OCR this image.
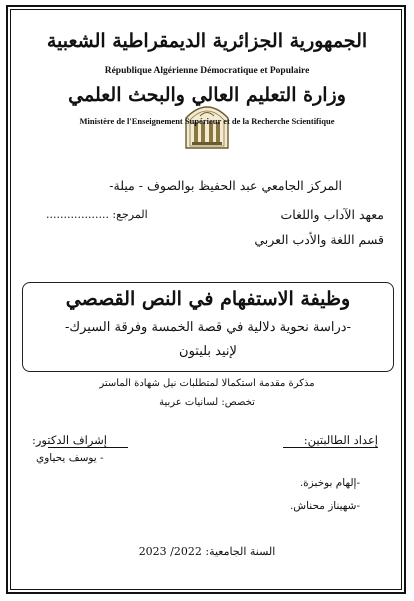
الجمهورية الجزائرية الديمقراطية الشعبية
République Algérienne Démocratique et Populaire
وزارة التعليم العالي والبحث العلمي
Ministère de l'Enseignement Supérieur et de la Recherche Scientifique
المركز الجامعي عبد الحفيظ بوالصوف - ميلة-
معهد الآداب واللغات
المرجع: ..................
قسم اللغة والأدب العربي
وظيفة الاستفهام في النص القصصي
-دراسة نحوية دلالية في قصة الخمسة وفرقة السيرك-
لإنيد بليتون
مذكرة مقدمة استكمالا لمتطلبات نيل شهادة الماستر
تخصص: لسانيات عربية
إعداد الطالبتين:
إشراف الدكتور:
- يوسف يحياوي
-إلهام بوخبزة.
-شهيناز محناش.
السنة الجامعية: 2022/ 2023
